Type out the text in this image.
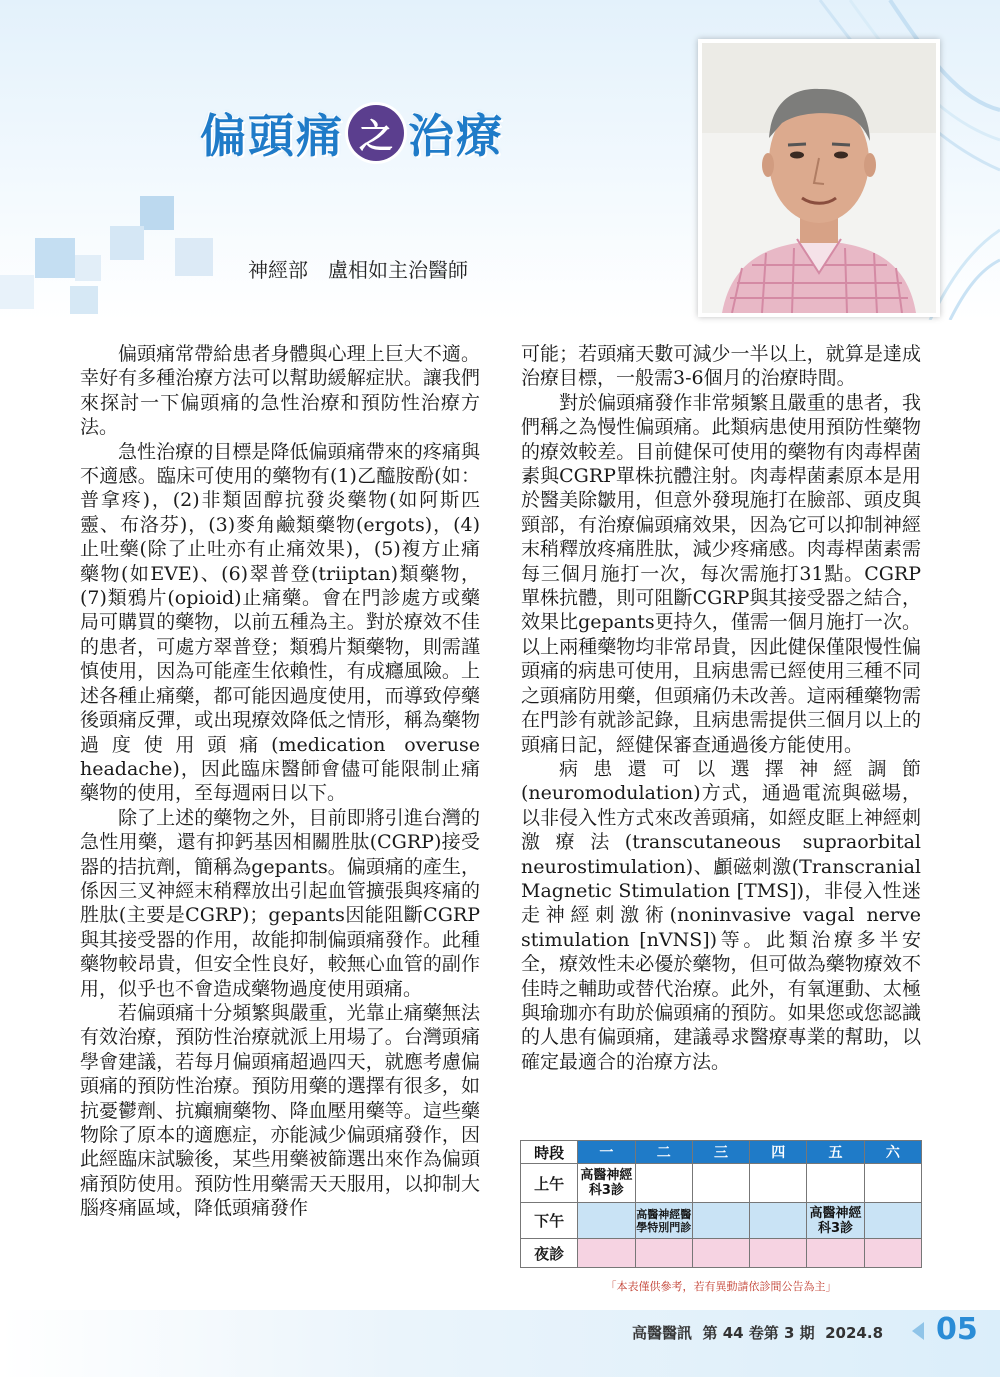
偏頭痛 之 治療
神經部　盧相如主治醫師

偏頭痛常帶給患者身體與心理上巨大不適。幸好有多種治療方法可以幫助緩解症狀。讓我們來探討一下偏頭痛的急性治療和預防性治療方法。

急性治療的目標是降低偏頭痛帶來的疼痛與不適感。臨床可使用的藥物有(1)乙醯胺酚(如：普拿疼)，(2)非類固醇抗發炎藥物(如阿斯匹靈、布洛芬)，(3)麥角鹼類藥物(ergots)，(4)止吐藥(除了止吐亦有止痛效果)，(5)複方止痛藥物(如EVE)、(6)翠普登(triiptan)類藥物，(7)類鴉片(opioid)止痛藥。會在門診處方或藥局可購買的藥物，以前五種為主。對於療效不佳的患者，可處方翠普登；類鴉片類藥物，則需謹慎使用，因為可能產生依賴性，有成癮風險。上述各種止痛藥，都可能因過度使用，而導致停藥後頭痛反彈，或出現療效降低之情形，稱為藥物過度使用頭痛(medication overuse headache)，因此臨床醫師會儘可能限制止痛藥物的使用，至每週兩日以下。

除了上述的藥物之外，目前即將引進台灣的急性用藥，還有抑鈣基因相關胜肽(CGRP)接受器的拮抗劑，簡稱為gepants。偏頭痛的產生，係因三叉神經末稍釋放出引起血管擴張與疼痛的胜肽(主要是CGRP)；gepants因能阻斷CGRP與其接受器的作用，故能抑制偏頭痛發作。此種藥物較昂貴，但安全性良好，較無心血管的副作用，似乎也不會造成藥物過度使用頭痛。

若偏頭痛十分頻繁與嚴重，光靠止痛藥無法有效治療，預防性治療就派上用場了。台灣頭痛學會建議，若每月偏頭痛超過四天，就應考慮偏頭痛的預防性治療。預防用藥的選擇有很多，如抗憂鬱劑、抗癲癇藥物、降血壓用藥等。這些藥物除了原本的適應症，亦能減少偏頭痛發作，因此經臨床試驗後，某些用藥被篩選出來作為偏頭痛預防使用。預防性用藥需天天服用，以抑制大腦疼痛區域，降低頭痛發作

可能；若頭痛天數可減少一半以上，就算是達成治療目標，一般需3-6個月的治療時間。

對於偏頭痛發作非常頻繁且嚴重的患者，我們稱之為慢性偏頭痛。此類病患使用預防性藥物的療效較差。目前健保可使用的藥物有肉毒桿菌素與CGRP單株抗體注射。肉毒桿菌素原本是用於醫美除皺用，但意外發現施打在臉部、頭皮與頸部，有治療偏頭痛效果，因為它可以抑制神經末稍釋放疼痛胜肽，減少疼痛感。肉毒桿菌素需每三個月施打一次，每次需施打31點。CGRP單株抗體，則可阻斷CGRP與其接受器之結合，效果比gepants更持久，僅需一個月施打一次。以上兩種藥物均非常昂貴，因此健保僅限慢性偏頭痛的病患可使用，且病患需已經使用三種不同之頭痛防用藥，但頭痛仍未改善。這兩種藥物需在門診有就診記錄，且病患需提供三個月以上的頭痛日記，經健保審查通過後方能使用。

病患還可以選擇神經調節(neuromodulation)方式，通過電流與磁場，以非侵入性方式來改善頭痛，如經皮眶上神經刺激療法(transcutaneous supraorbital neurostimulation)、顱磁刺激(Transcranial Magnetic Stimulation [TMS])，非侵入性迷走神經刺激術(noninvasive vagal nerve stimulation [nVNS])等。此類治療多半安全，療效性未必優於藥物，但可做為藥物療效不佳時之輔助或替代治療。此外，有氧運動、太極與瑜珈亦有助於偏頭痛的預防。如果您或您認識的人患有偏頭痛，建議尋求醫療專業的幫助，以確定最適合的治療方法。

時段	一	二	三	四	五	六
上午	高醫神經科3診					

下午		高醫神經醫學特別門診			高醫神經科3診	

夜診	

「本表僅供參考，若有異動請依診間公告為主」
高醫醫訊 第 44 卷第 3 期 2024.8 05
